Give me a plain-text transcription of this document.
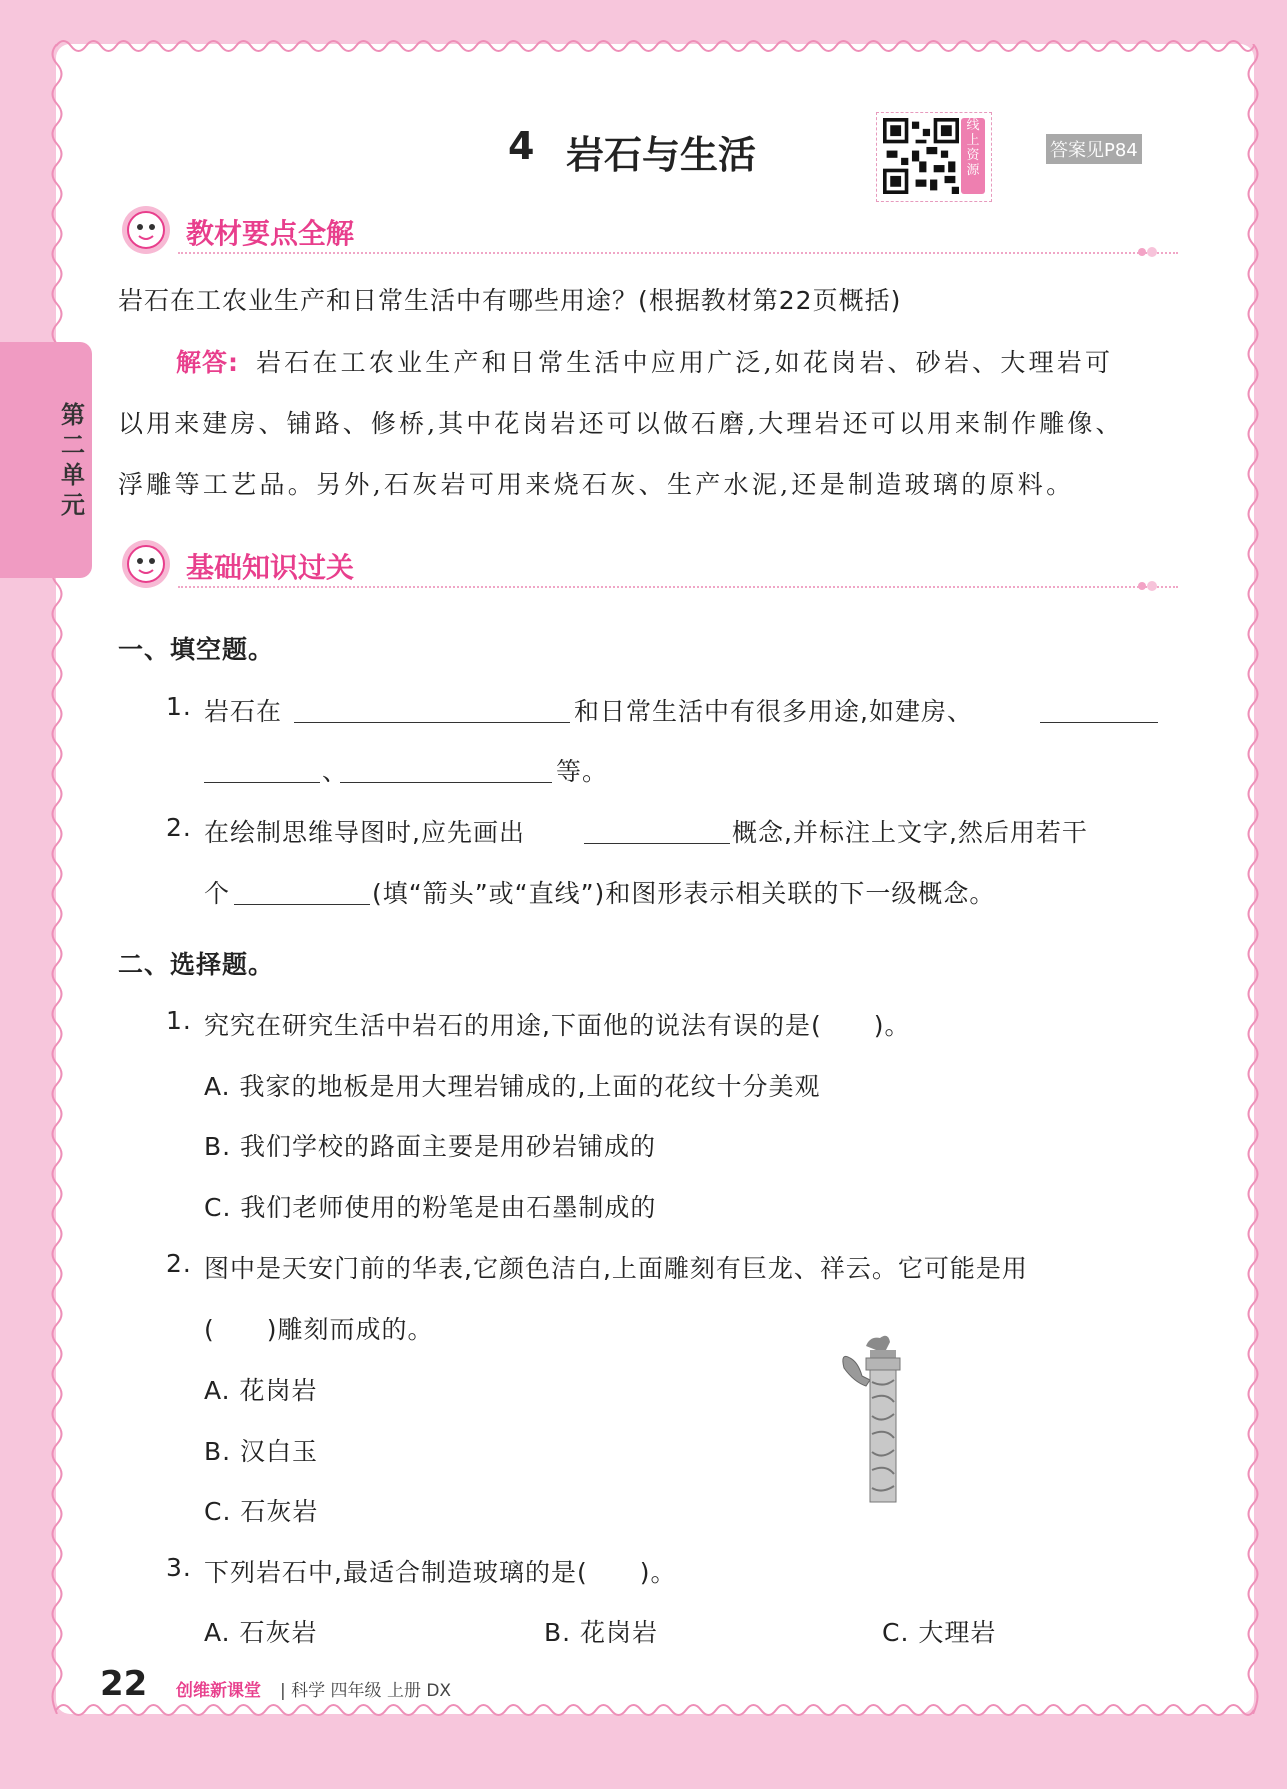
第二单元
4 岩石与生活
线上资源
答案见P84
教材要点全解
岩石在工农业生产和日常生活中有哪些用途？(根据教材第22页概括)
解答: 岩石在工农业生产和日常生活中应用广泛,如花岗岩、砂岩、大理岩可
以用来建房、铺路、修桥,其中花岗岩还可以做石磨,大理岩还可以用来制作雕像、
浮雕等工艺品。另外,石灰岩可用来烧石灰、生产水泥,还是制造玻璃的原料。
基础知识过关
一、填空题。
1. 岩石在	和日常生活中有很多用途,如建房、
、	等。
2. 在绘制思维导图时,应先画出	概念,并标注上文字,然后用若干
个	(填“箭头”或“直线”)和图形表示相关联的下一级概念。
二、选择题。
1. 究究在研究生活中岩石的用途,下面他的说法有误的是(　　)。
A. 我家的地板是用大理岩铺成的,上面的花纹十分美观
B. 我们学校的路面主要是用砂岩铺成的
C. 我们老师使用的粉笔是由石墨制成的
2. 图中是天安门前的华表,它颜色洁白,上面雕刻有巨龙、祥云。它可能是用
(　　)雕刻而成的。
A. 花岗岩
B. 汉白玉
C. 石灰岩
3. 下列岩石中,最适合制造玻璃的是(　　)。
A. 石灰岩	B. 花岗岩	C. 大理岩
22 创维新课堂 | 科学 四年级 上册 DX
